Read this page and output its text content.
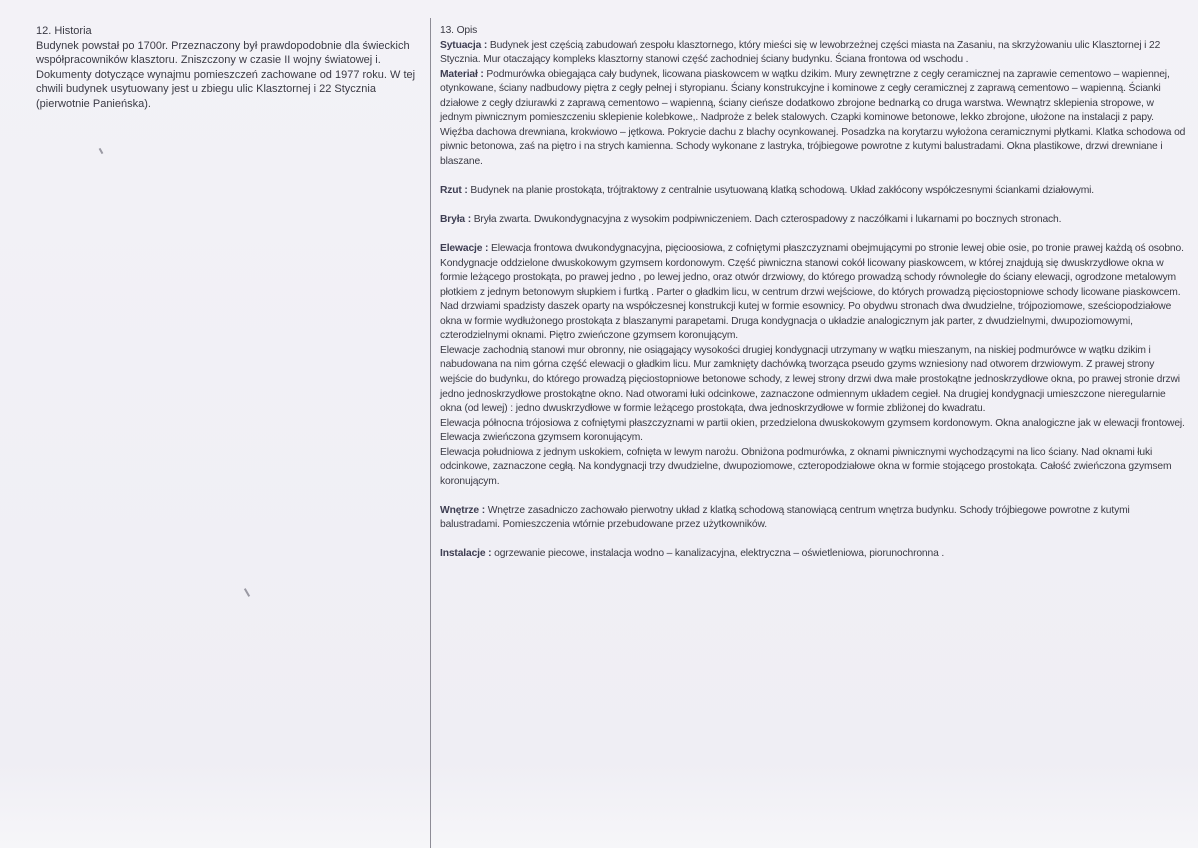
12. Historia
Budynek powstał po 1700r. Przeznaczony był prawdopodobnie dla świeckich współpracowników klasztoru. Zniszczony w czasie II wojny światowej i. Dokumenty dotyczące wynajmu pomieszczeń zachowane od 1977 roku. W tej chwili budynek usytuowany jest u zbiegu ulic Klasztornej i 22 Stycznia (pierwotnie Panieńska).
13. Opis

Sytuacja : Budynek jest częścią zabudowań zespołu klasztornego, który mieści się w lewobrzeżnej części miasta na Zasaniu, na skrzyżowaniu ulic Klasztornej i 22 Stycznia. Mur otaczający kompleks klasztorny stanowi część zachodniej ściany budynku. Ściana frontowa od wschodu .

Materiał : Podmurówka obiegająca cały budynek, licowana piaskowcem w wątku dzikim. Mury zewnętrzne z cegły ceramicznej na zaprawie cementowo – wapiennej, otynkowane, ściany nadbudowy piętra z cegły pełnej i styropianu. Ściany konstrukcyjne i kominowe z cegły ceramicznej z zaprawą cementowo – wapienną. Ścianki działowe z cegły dziurawki z zaprawą cementowo – wapienną, ściany cieńsze dodatkowo zbrojone bednarką co druga warstwa. Wewnątrz sklepienia stropowe, w jednym piwnicznym pomieszczeniu sklepienie kolebkowe,. Nadproże z belek stalowych. Czapki kominowe betonowe, lekko zbrojone, ułożone na instalacji z papy. Więźba dachowa drewniana, krokwiowo – jętkowa. Pokrycie dachu z blachy ocynkowanej. Posadzka na korytarzu wyłożona ceramicznymi płytkami. Klatka schodowa od piwnic betonowa, zaś na piętro i na strych kamienna. Schody wykonane z lastryka, trójbiegowe powrotne z kutymi balustradami. Okna plastikowe, drzwi drewniane i blaszane.

Rzut : Budynek na planie prostokąta, trójtraktowy z centralnie usytuowaną klatką schodową. Układ zakłócony współczesnymi ściankami działowymi.

Bryła : Bryła zwarta. Dwukondygnacyjna z wysokim podpiwniczeniem. Dach czterospadowy z naczółkami i lukarnami po bocznych stronach.

Elewacje : Elewacja frontowa dwukondygnacyjna, pięcioosiowa, z cofniętymi płaszczyznami obejmującymi po stronie lewej obie osie, po tronie prawej każdą oś osobno. Kondygnacje oddzielone dwuskokowym gzymsem kordonowym. Część piwniczna stanowi cokół licowany piaskowcem, w której znajdują się dwuskrzydłowe okna w formie leżącego prostokąta, po prawej jedno , po lewej jedno, oraz otwór drzwiowy, do którego prowadzą schody równoległe do ściany elewacji, ogrodzone metalowym płotkiem z jednym betonowym słupkiem i furtką . Parter o gładkim licu, w centrum drzwi wejściowe, do których prowadzą pięciostopniowe schody licowane piaskowcem. Nad drzwiami spadzisty daszek oparty na współczesnej konstrukcji kutej w formie esownicy. Po obydwu stronach dwa dwudzielne, trójpoziomowe, sześciopodziałowe okna w formie wydłużonego prostokąta z blaszanymi parapetami. Druga kondygnacja o układzie analogicznym jak parter, z dwudzielnymi, dwupoziomowymi, czterodzielnymi oknami. Piętro zwieńczone gzymsem koronującym.

Elewacje zachodnią stanowi mur obronny, nie osiągający wysokości drugiej kondygnacji utrzymany w wątku mieszanym, na niskiej podmurówce w wątku dzikim i nabudowana na nim górna część elewacji o gładkim licu. Mur zamknięty dachówką tworząca pseudo gzyms wzniesiony nad otworem drzwiowym. Z prawej strony wejście do budynku, do którego prowadzą pięciostopniowe betonowe schody, z lewej strony drzwi dwa małe prostokątne jednoskrzydłowe okna, po prawej stronie drzwi jedno jednoskrzydłowe prostokątne okno. Nad otworami łuki odcinkowe, zaznaczone odmiennym układem cegieł. Na drugiej kondygnacji umieszczone nieregularnie okna (od lewej) : jedno dwuskrzydłowe w formie leżącego prostokąta, dwa jednoskrzydłowe w formie zbliżonej do kwadratu.

Elewacja północna trójosiowa z cofniętymi płaszczyznami w partii okien, przedzielona dwuskokowym gzymsem kordonowym. Okna analogiczne jak w elewacji frontowej. Elewacja zwieńczona gzymsem koronującym.

Elewacja południowa z jednym uskokiem, cofnięta w lewym narożu. Obniżona podmurówka, z oknami piwnicznymi wychodzącymi na lico ściany. Nad oknami łuki odcinkowe, zaznaczone cegłą. Na kondygnacji trzy dwudzielne, dwupoziomowe, czteropodziałowe okna w formie stojącego prostokąta. Całość zwieńczona gzymsem koronującym.

Wnętrze : Wnętrze zasadniczo zachowało pierwotny układ z klatką schodową stanowiącą centrum wnętrza budynku. Schody trójbiegowe powrotne z kutymi balustradami. Pomieszczenia wtórnie przebudowane przez użytkowników.

Instalacje : ogrzewanie piecowe, instalacja wodno – kanalizacyjna, elektryczna – oświetleniowa, piorunochronna .
